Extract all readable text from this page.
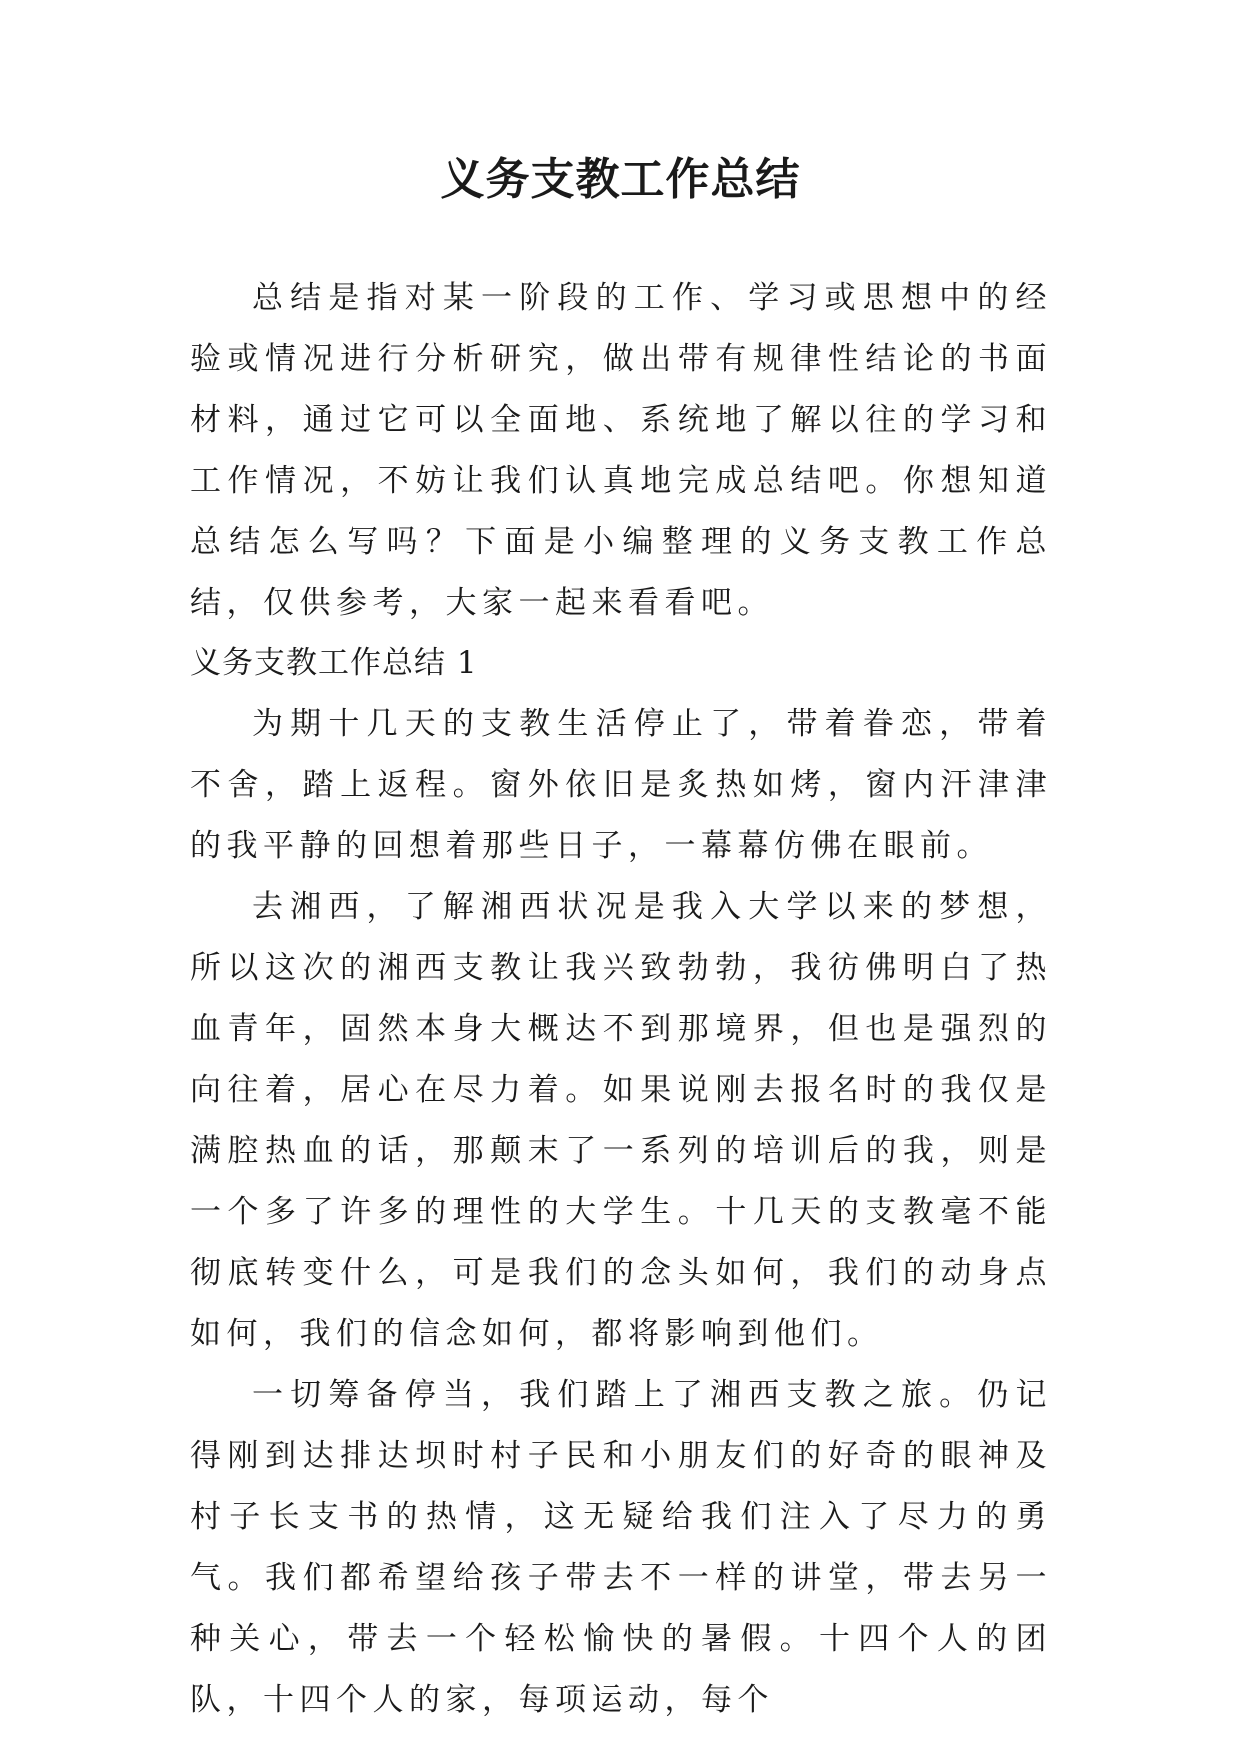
义务支教工作总结

总结是指对某一阶段的工作、学习或思想中的经验或情况进行分析研究，做出带有规律性结论的书面材料，通过它可以全面地、系统地了解以往的学习和工作情况，不妨让我们认真地完成总结吧。你想知道总结怎么写吗？下面是小编整理的义务支教工作总结，仅供参考，大家一起来看看吧。

义务支教工作总结 1

为期十几天的支教生活停止了，带着眷恋，带着不舍，踏上返程。窗外依旧是炙热如烤，窗内汗津津的我平静的回想着那些日子，一幕幕仿佛在眼前。

去湘西，了解湘西状况是我入大学以来的梦想，所以这次的湘西支教让我兴致勃勃，我彷佛明白了热血青年，固然本身大概达不到那境界，但也是强烈的向往着，居心在尽力着。如果说刚去报名时的我仅是满腔热血的话，那颠末了一系列的培训后的我，则是一个多了许多的理性的大学生。十几天的支教毫不能彻底转变什么，可是我们的念头如何，我们的动身点如何，我们的信念如何，都将影响到他们。

一切筹备停当，我们踏上了湘西支教之旅。仍记得刚到达排达坝时村子民和小朋友们的好奇的眼神及村子长支书的热情，这无疑给我们注入了尽力的勇气。我们都希望给孩子带去不一样的讲堂，带去另一种关心，带去一个轻松愉快的暑假。十四个人的团队，十四个人的家，每项运动，每个
